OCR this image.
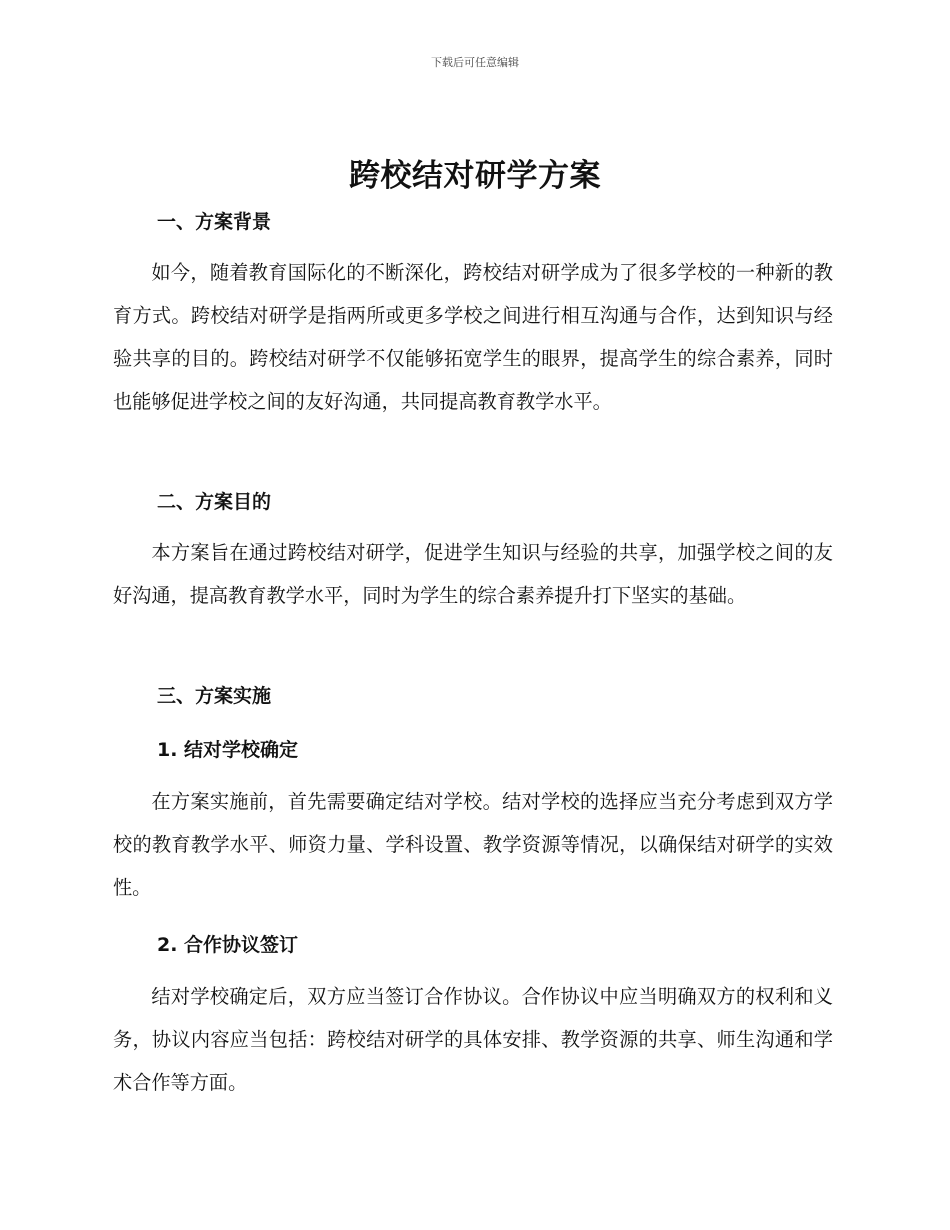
下载后可任意编辑
跨校结对研学方案
一、方案背景
如今，随着教育国际化的不断深化，跨校结对研学成为了很多学校的一种新的教育方式。跨校结对研学是指两所或更多学校之间进行相互沟通与合作，达到知识与经验共享的目的。跨校结对研学不仅能够拓宽学生的眼界，提高学生的综合素养，同时也能够促进学校之间的友好沟通，共同提高教育教学水平。
二、方案目的
本方案旨在通过跨校结对研学，促进学生知识与经验的共享，加强学校之间的友好沟通，提高教育教学水平，同时为学生的综合素养提升打下坚实的基础。
三、方案实施
1. 结对学校确定
在方案实施前，首先需要确定结对学校。结对学校的选择应当充分考虑到双方学校的教育教学水平、师资力量、学科设置、教学资源等情况，以确保结对研学的实效性。
2. 合作协议签订
结对学校确定后，双方应当签订合作协议。合作协议中应当明确双方的权利和义务，协议内容应当包括：跨校结对研学的具体安排、教学资源的共享、师生沟通和学术合作等方面。
